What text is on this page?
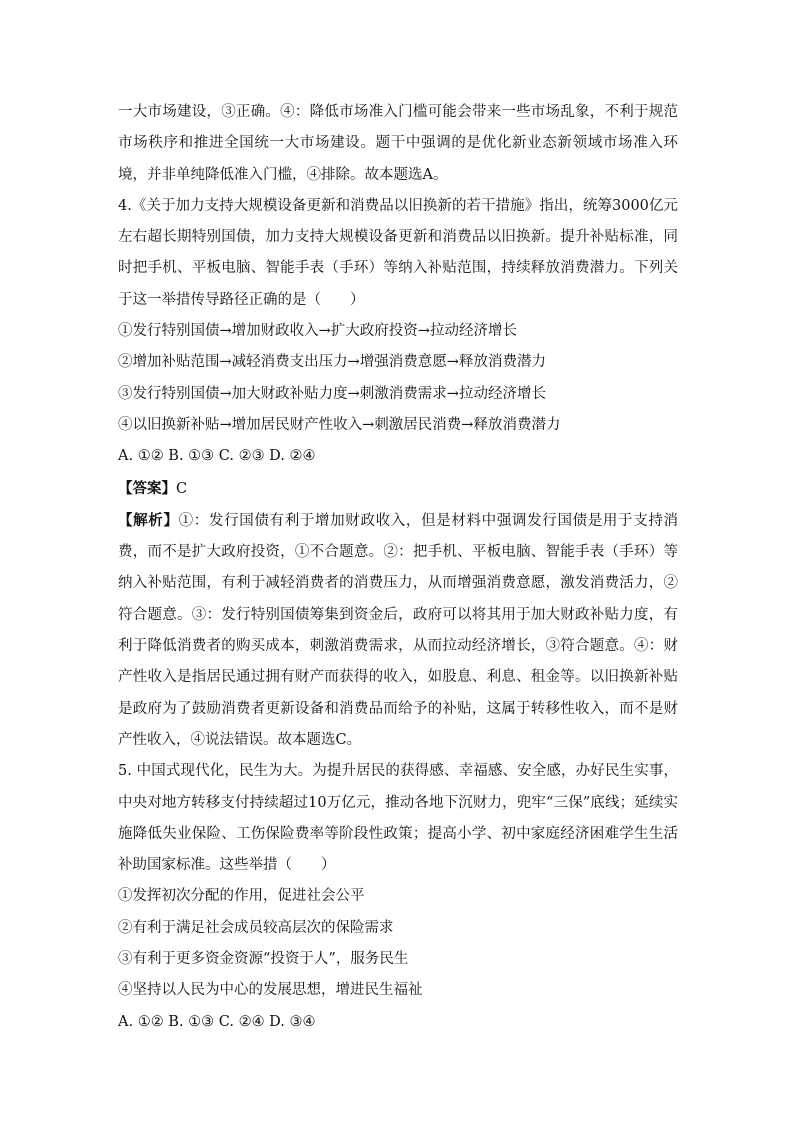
一大市场建设，③正确。④：降低市场准入门槛可能会带来一些市场乱象，不利于规范市场秩序和推进全国统一大市场建设。题干中强调的是优化新业态新领域市场准入环境，并非单纯降低准入门槛，④排除。故本题选A。

4.《关于加力支持大规模设备更新和消费品以旧换新的若干措施》指出，统筹3000亿元左右超长期特别国债，加力支持大规模设备更新和消费品以旧换新。提升补贴标准，同时把手机、平板电脑、智能手表（手环）等纳入补贴范围，持续释放消费潜力。下列关于这一举措传导路径正确的是（　　）

①发行特别国债→增加财政收入→扩大政府投资→拉动经济增长

②增加补贴范围→减轻消费支出压力→增强消费意愿→释放消费潜力

③发行特别国债→加大财政补贴力度→刺激消费需求→拉动经济增长

④以旧换新补贴→增加居民财产性收入→刺激居民消费→释放消费潜力

A. ①② B. ①③ C. ②③ D. ②④

【答案】C

【解析】①：发行国债有利于增加财政收入，但是材料中强调发行国债是用于支持消费，而不是扩大政府投资，①不合题意。②：把手机、平板电脑、智能手表（手环）等纳入补贴范围，有利于减轻消费者的消费压力，从而增强消费意愿，激发消费活力，②符合题意。③：发行特别国债筹集到资金后，政府可以将其用于加大财政补贴力度，有利于降低消费者的购买成本，刺激消费需求，从而拉动经济增长，③符合题意。④：财产性收入是指居民通过拥有财产而获得的收入，如股息、利息、租金等。以旧换新补贴是政府为了鼓励消费者更新设备和消费品而给予的补贴，这属于转移性收入，而不是财产性收入，④说法错误。故本题选C。

5. 中国式现代化，民生为大。为提升居民的获得感、幸福感、安全感，办好民生实事，中央对地方转移支付持续超过10万亿元，推动各地下沉财力，兜牢“三保”底线；延续实施降低失业保险、工伤保险费率等阶段性政策；提高小学、初中家庭经济困难学生生活补助国家标准。这些举措（　　）

①发挥初次分配的作用，促进社会公平

②有利于满足社会成员较高层次的保险需求

③有利于更多资金资源“投资于人”，服务民生

④坚持以人民为中心的发展思想，增进民生福祉

A. ①② B. ①③ C. ②④ D. ③④
